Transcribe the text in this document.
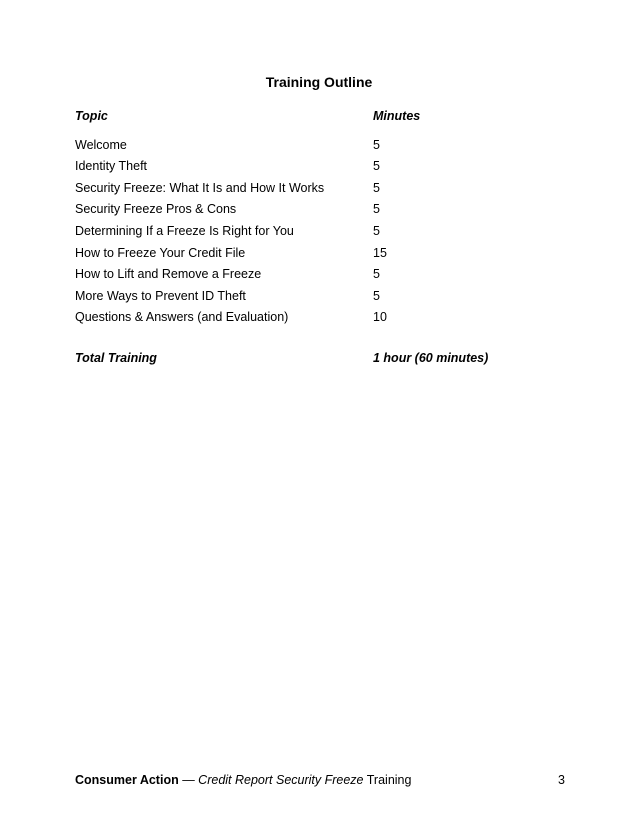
Training Outline
Topic	Minutes
Welcome	5
Identity Theft	5
Security Freeze: What It Is and How It Works	5
Security Freeze Pros & Cons	5
Determining If a Freeze Is Right for You	5
How to Freeze Your Credit File	15
How to Lift and Remove a Freeze	5
More Ways to Prevent ID Theft	5
Questions & Answers (and Evaluation)	10
Total Training	1 hour (60 minutes)
Consumer Action — Credit Report Security Freeze Training	3
